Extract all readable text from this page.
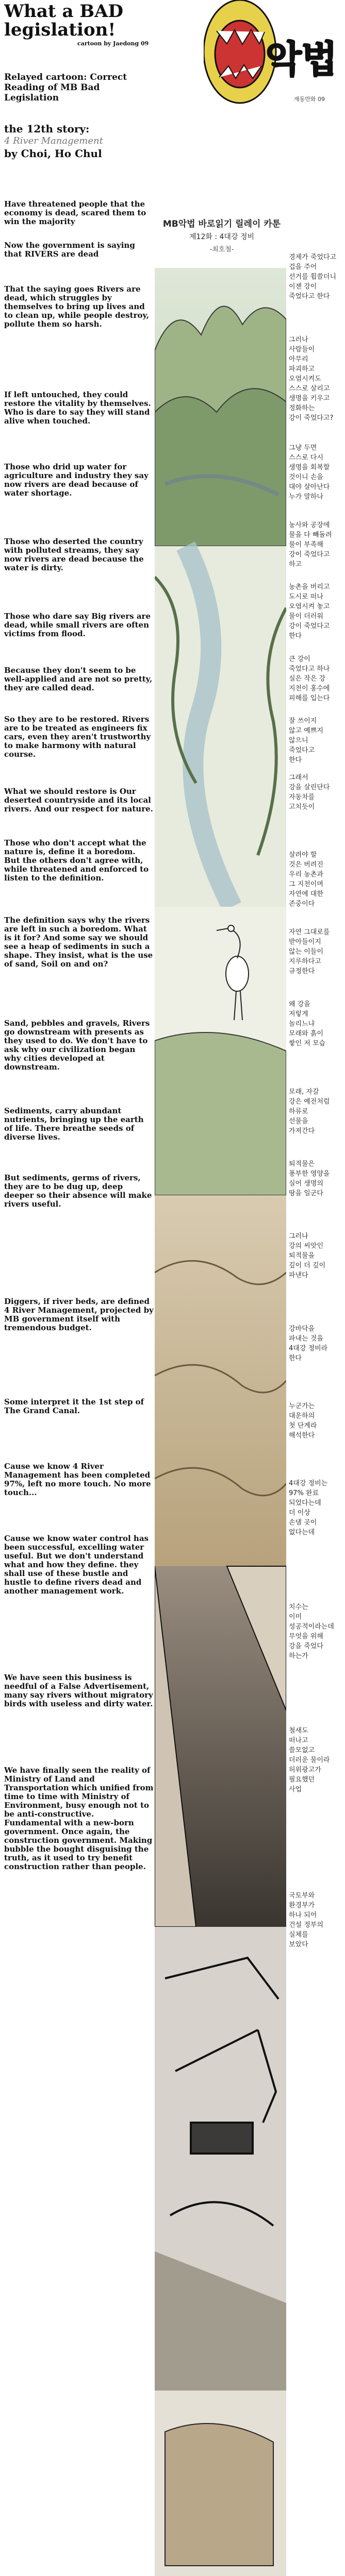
What a BAD legislation!
cartoon by Jaedong 09
Relayed cartoon: Correct Reading of MB Bad Legislation
the 12th story:
4 River Management
by Choi, Ho Chul
악법
재동만화 09
MB악법 바로읽기 릴레이 카툰
제12화 : 4대강 정비
-최호철-

Have threatened people that the economy is dead, scared them to win the majority

Now the government is saying that RIVERS are dead

That the saying goes Rivers are dead, which struggles by themselves to bring up lives and to clean up, while people destroy, pollute them so harsh.

If left untouched, they could restore the vitality by themselves. Who is dare to say they will stand alive when touched.

Those who drid up water for agriculture and industry they say now rivers are dead because of water shortage.

Those who deserted the country with polluted streams, they say now rivers are dead because the water is dirty.

Those who dare say Big rivers are dead, while small rivers are often victims from flood.

Because they don't seem to be well-applied and are not so pretty, they are called dead.

So they are to be restored. Rivers are to be treated as engineers fix cars, even they aren't trustworthy to make harmony with natural course.

What we should restore is Our deserted countryside and its local rivers. And our respect for nature.

Those who don't accept what the nature is, define it a boredom. But the others don't agree with, while threatened and enforced to listen to the definition.

The definition says why the rivers are left in such a boredom. What is it for? And some say we should see a heap of sediments in such a shape. They insist, what is the use of sand, Soil on and on?

Sand, pebbles and gravels, Rivers go downstream with presents as they used to do. We don't have to ask why our civilization began why cities developed at downstream.

Sediments, carry abundant nutrients, bringing up the earth of life. There breathe seeds of diverse lives.

But sediments, germs of rivers, they are to be dug up, deep deeper so their absence will make rivers useful.

Diggers, if river beds, are defined 4 River Management, projected by MB government itself with tremendous budget.

Some interpret it the 1st step of The Grand Canal.

Cause we know 4 River Management has been completed 97%, left no more touch. No more touch...

Cause we know water control has been successful, excelling water useful. But we don't understand what and how they define. they shall use of these bustle and hustle to define rivers dead and another management work.

We have seen this business is needful of a False Advertisement, many say rivers without migratory birds with useless and dirty water.

We have finally seen the reality of Ministry of Land and Transportation which unified from time to time with Ministry of Environment, busy enough not to be anti-constructive. Fundamental with a new-born government. Once again, the construction government. Making bubble the bought disguising the truth, as it used to try benefit construction rather than people.

경제가 죽었다고
겁을 주어
선거를 휩쓸더니
이젠 강이
죽었다고 한다

그러나
사람들이
아무리
파괴하고
오염시켜도
스스로 살리고
생명을 키우고
정화하는
강이 죽었다고?

그냥 두면
스스로 다시
생명을 회복할
것이니 손을
대야 살아난다
누가 말하나

농사와 공장에
물을 다 빼돌려
물이 부족해
강이 죽었다고
하고

농촌을 버리고
도시로 떠나
오염시켜 놓고
물이 더러워
강이 죽었다고
한다

큰 강이
죽었다고 하나
실은 작은 강
지천이 홍수에
피해를 입는다

잘 쓰이지
않고 예쁘지
않으니
죽었다고
한다

그래서
강을 살린단다
자동차를
고치듯이

살려야 할
것은 버려진
우리 농촌과
그 지천이며
자연에 대한
존중이다

자연 그대로를
받아들이지
않는 이들이
지루하다고
규정한다

왜 강을
저렇게
놀리느냐
모래와 흙이
쌓인 저 모습

모래, 자갈
강은 예전처럼
하류로
선물을
가져간다

퇴적물은
풍부한 영양을
실어 생명의
땅을 일군다

그러나
강의 씨앗인
퇴적물을
깊이 더 깊이
파낸다

강바닥을
파내는 것을
4대강 정비라
한다

누군가는
대운하의
첫 단계라
해석한다

4대강 정비는
97% 완료
되었다는데
더 이상
손댈 곳이
없다는데

치수는
이미
성공적이라는데
무엇을 위해
강을 죽었다
하는가

철새도
떠나고
쓸모없고
더러운 물이라
허위광고가
필요했던
사업

국토부와
환경부가
하나 되어
건설 정부의
실체를
보았다
